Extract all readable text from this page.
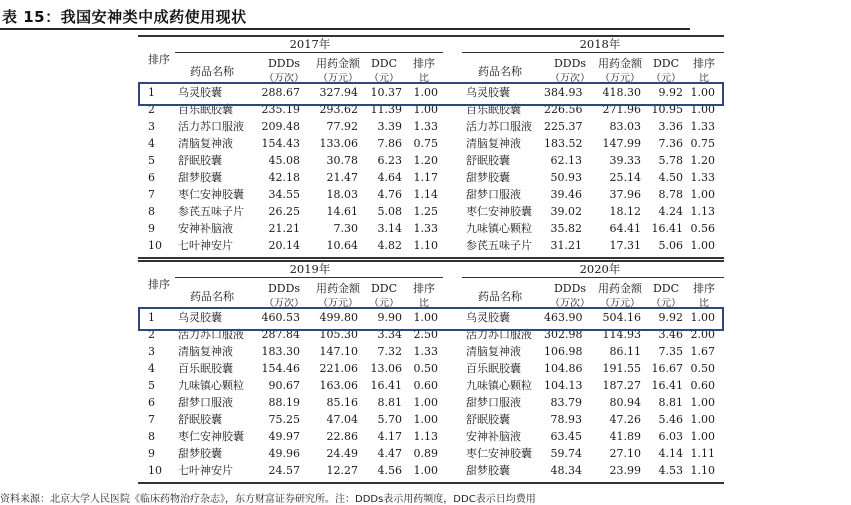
表 15：我国安神类中成药使用现状
2017年	2018年
排序
药品名称	药品名称
DDDs	用药金额 DDC	排序	DDDs	用药金额 DDC	排序
（万次）	（万元）	（元）	比	（万次）	（万元）	（元）	比
1 乌灵胶囊	288.67	327.94 10.37	1.00	乌灵胶囊	384.93	418.30	9.92 1.00
2 百乐眠胶囊	235.19	293.62 11.39	1.00	百乐眠胶囊	226.56	271.96 10.95 1.00
3 活力苏口服液	209.48	77.92	3.39	1.33	活力苏口服液	225.37	83.03	3.36 1.33
4 清脑复神液	154.43	133.06	7.86	0.75	清脑复神液	183.52	147.99	7.36 0.75
5 舒眠胶囊	45.08	30.78	6.23	1.20	舒眠胶囊	62.13	39.33	5.78 1.20
6 甜梦胶囊	42.18	21.47	4.64	1.17	甜梦胶囊	50.93	25.14	4.50 1.33
7 枣仁安神胶囊	34.55	18.03	4.76	1.14	甜梦口服液	39.46	37.96	8.78 1.00
8 参芪五味子片	26.25	14.61	5.08	1.25	枣仁安神胶囊	39.02	18.12	4.24 1.13
9 安神补脑液	21.21	7.30	3.14	1.33	九味镇心颗粒	35.82	64.41 16.41 0.56
10 七叶神安片	20.14	10.64	4.82	1.10	参芪五味子片	31.21	17.31	5.06 1.00
2019年	2020年
排序
药品名称	药品名称
DDDs	用药金额 DDC	排序	DDDs	用药金额 DDC	排序
（万次）	（万元）	（元）	比	（万次）	（万元）	（元）	比
1 乌灵胶囊	460.53	499.80	9.90	1.00	乌灵胶囊	463.90	504.16	9.92 1.00
2 活力苏口服液	287.84	105.30	3.34	2.50	活力苏口服液	302.98	114.93	3.46 2.00
3 清脑复神液	183.30	147.10	7.32	1.33	清脑复神液	106.98	86.11	7.35 1.67
4 百乐眠胶囊	154.46	221.06 13.06	0.50	百乐眠胶囊	104.86	191.55 16.67 0.50
5 九味镇心颗粒	90.67	163.06 16.41	0.60	九味镇心颗粒	104.13	187.27 16.41 0.60
6 甜梦口服液	88.19	85.16	8.81	1.00	甜梦口服液	83.79	80.94	8.81 1.00
7 舒眠胶囊	75.25	47.04	5.70	1.00	舒眠胶囊	78.93	47.26	5.46 1.00
8 枣仁安神胶囊	49.97	22.86	4.17	1.13	安神补脑液	63.45	41.89	6.03 1.00
9 甜梦胶囊	49.96	24.49	4.47	0.89	枣仁安神胶囊	59.74	27.10	4.14 1.11
10 七叶神安片	24.57	12.27	4.56	1.00	甜梦胶囊	48.34	23.99	4.53 1.10
资料来源：北京大学人民医院《临床药物治疗杂志》，东方财富证券研究所。注：DDDs表示用药频度，DDC表示日均费用
